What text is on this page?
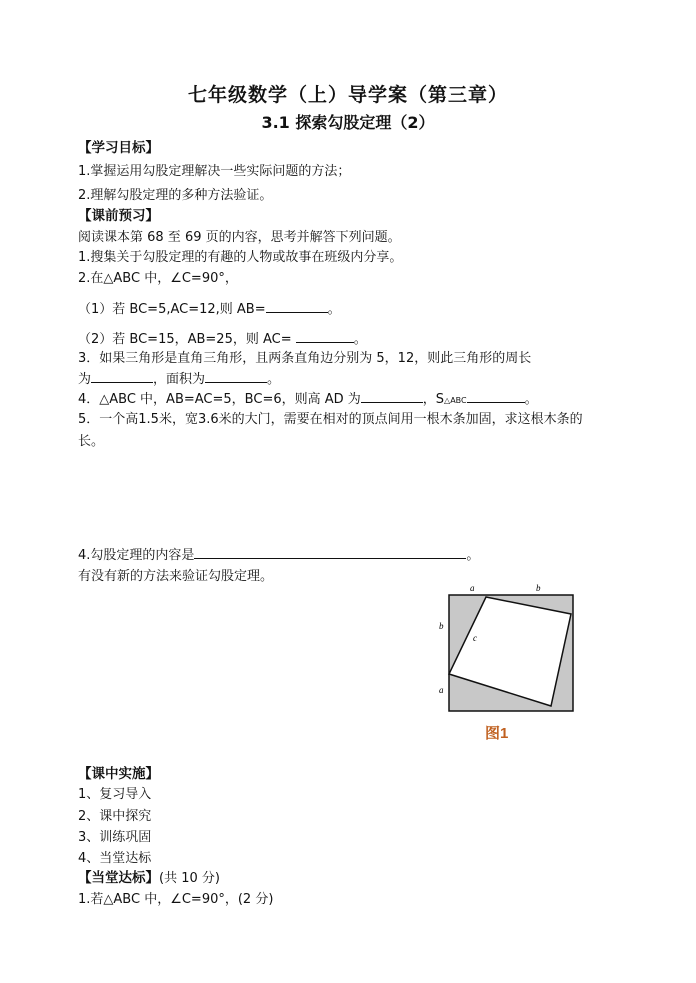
七年级数学（上）导学案（第三章）
3.1 探索勾股定理（2）
【学习目标】
1.掌握运用勾股定理解决一些实际问题的方法；
2.理解勾股定理的多种方法验证。
【课前预习】
阅读课本第 68 至 69 页的内容，思考并解答下列问题。
1.搜集关于勾股定理的有趣的人物或故事在班级内分享。
2.在△ABC 中，∠C=90°，
（1）若 BC=5,AC=12,则 AB=	。
（2）若 BC=15，AB=25，则 AC=	。
3．如果三角形是直角三角形，且两条直角边分别为 5，12，则此三角形的周长
为	，面积为	。
4．△ABC 中，AB=AC=5，BC=6，则高 AD 为	，S△ABC	。
5．一个高1.5米，宽3.6米的大门，需要在相对的顶点间用一根木条加固，求这根木条的
长。
4.勾股定理的内容是	。
有没有新的方法来验证勾股定理。
a	b
b
c
a
图1
【课中实施】
1、复习导入
2、课中探究
3、训练巩固
4、当堂达标
【当堂达标】(共 10 分)
1.若△ABC 中，∠C=90°，(2 分)
